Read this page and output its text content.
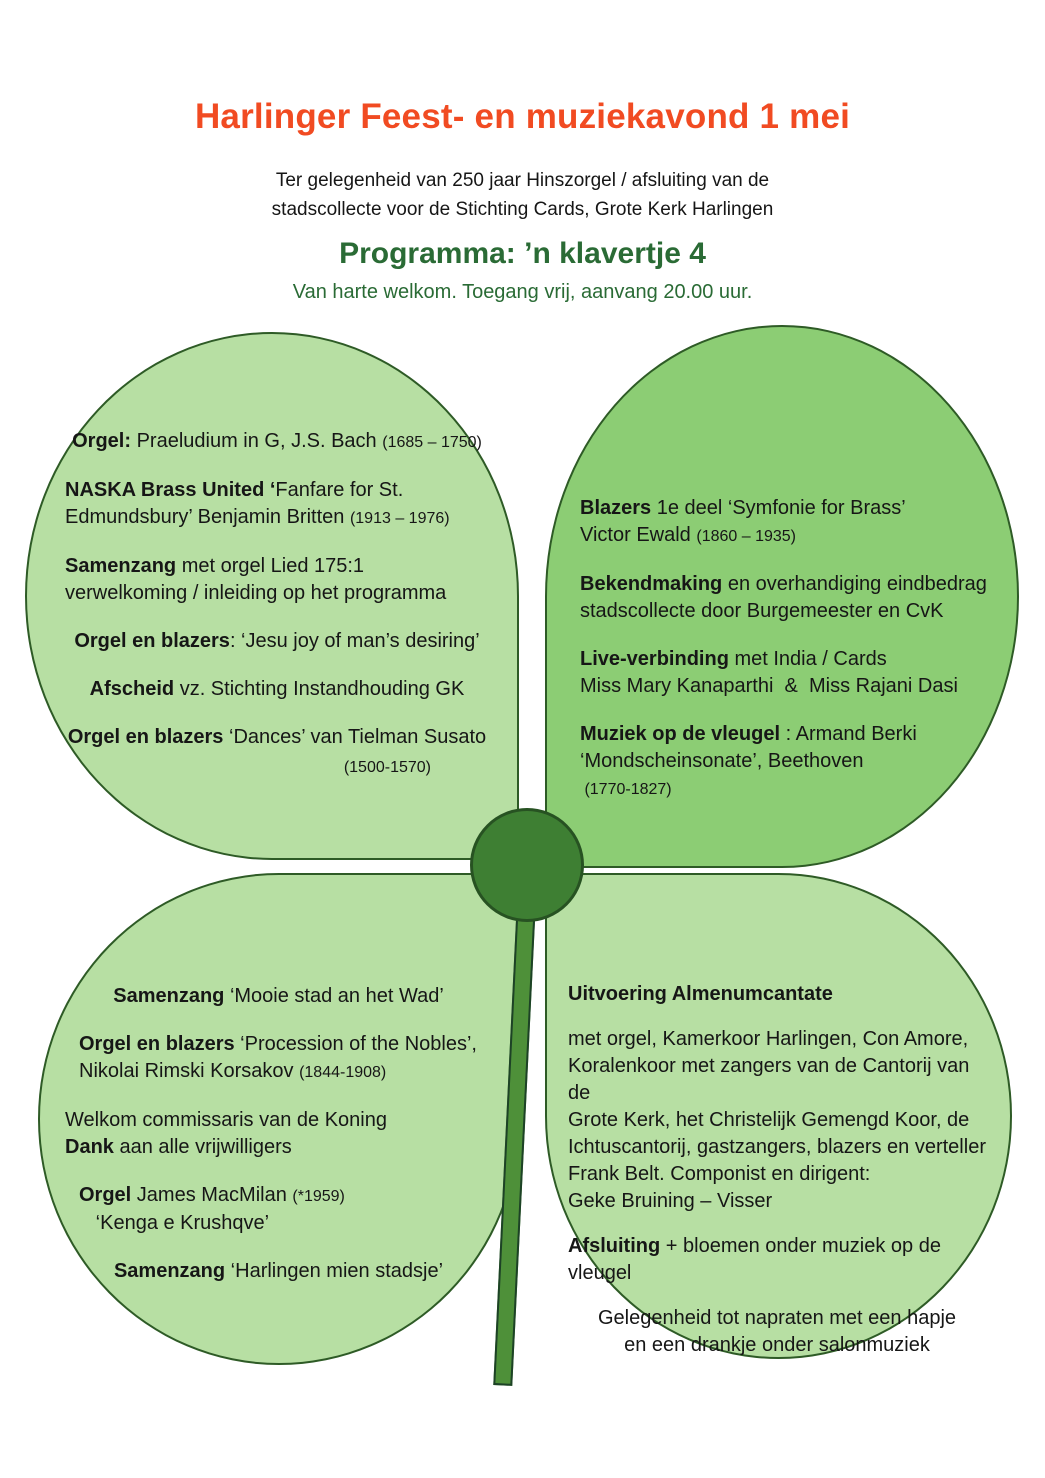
Harlinger Feest- en muziekavond 1 mei
Ter gelegenheid van 250 jaar Hinszorgel / afsluiting van de
stadscollecte voor de Stichting Cards, Grote Kerk Harlingen
Programma: ’n klavertje 4
Van harte welkom. Toegang vrij, aanvang 20.00 uur.

Orgel: Praeludium in G, J.S. Bach (1685 – 1750)

NASKA Brass United ‘Fanfare for St.
Edmundsbury’ Benjamin Britten (1913 – 1976)

Samenzang met orgel Lied 175:1
verwelkoming / inleiding op het programma

Orgel en blazers: ‘Jesu joy of man’s desiring’

Afscheid vz. Stichting Instandhouding GK

Orgel en blazers ‘Dances’ van Tielman Susato

(1500-1570)

Blazers 1e deel ‘Symfonie for Brass’
Victor Ewald (1860 – 1935)

Bekendmaking en overhandiging eindbedrag
stadscollecte door Burgemeester en CvK

Live-verbinding met India / Cards
Miss Mary Kanaparthi  &  Miss Rajani Dasi

Muziek op de vleugel : Armand Berki
‘Mondscheinsonate’, Beethoven
(1770-1827)

Samenzang ‘Mooie stad an het Wad’

Orgel en blazers ‘Procession of the Nobles’,
Nikolai Rimski Korsakov (1844-1908)

Welkom commissaris van de Koning
Dank aan alle vrijwilligers

Orgel James MacMilan (*1959)
‘Kenga e Krushqve’

Samenzang ‘Harlingen mien stadsje’

Uitvoering Almenumcantate

met orgel, Kamerkoor Harlingen, Con Amore,
Koralenkoor met zangers van de Cantorij van de
Grote Kerk, het Christelijk Gemengd Koor, de
Ichtuscantorij, gastzangers, blazers en verteller
Frank Belt. Componist en dirigent:
Geke Bruining – Visser

Afsluiting + bloemen onder muziek op de vleugel

Gelegenheid tot napraten met een hapje
en een drankje onder salonmuziek
